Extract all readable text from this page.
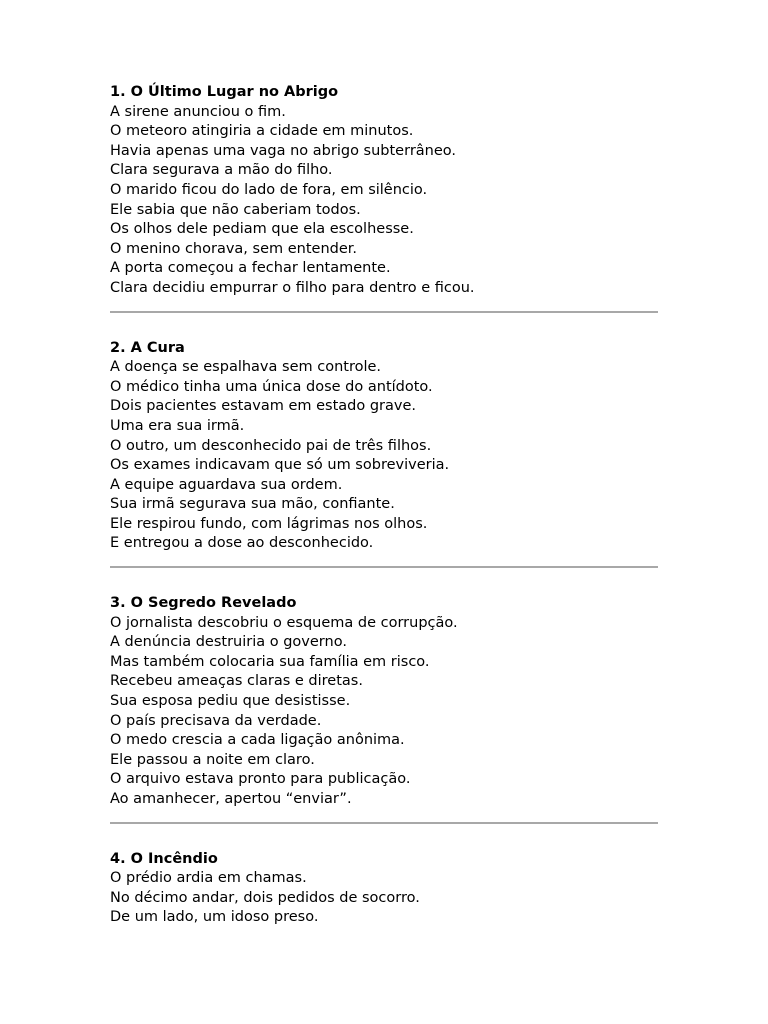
1. O Último Lugar no Abrigo
A sirene anunciou o fim.
O meteoro atingiria a cidade em minutos.
Havia apenas uma vaga no abrigo subterrâneo.
Clara segurava a mão do filho.
O marido ficou do lado de fora, em silêncio.
Ele sabia que não caberiam todos.
Os olhos dele pediam que ela escolhesse.
O menino chorava, sem entender.
A porta começou a fechar lentamente.
Clara decidiu empurrar o filho para dentro e ficou.
2. A Cura
A doença se espalhava sem controle.
O médico tinha uma única dose do antídoto.
Dois pacientes estavam em estado grave.
Uma era sua irmã.
O outro, um desconhecido pai de três filhos.
Os exames indicavam que só um sobreviveria.
A equipe aguardava sua ordem.
Sua irmã segurava sua mão, confiante.
Ele respirou fundo, com lágrimas nos olhos.
E entregou a dose ao desconhecido.
3. O Segredo Revelado
O jornalista descobriu o esquema de corrupção.
A denúncia destruiria o governo.
Mas também colocaria sua família em risco.
Recebeu ameaças claras e diretas.
Sua esposa pediu que desistisse.
O país precisava da verdade.
O medo crescia a cada ligação anônima.
Ele passou a noite em claro.
O arquivo estava pronto para publicação.
Ao amanhecer, apertou “enviar”.
4. O Incêndio
O prédio ardia em chamas.
No décimo andar, dois pedidos de socorro.
De um lado, um idoso preso.
